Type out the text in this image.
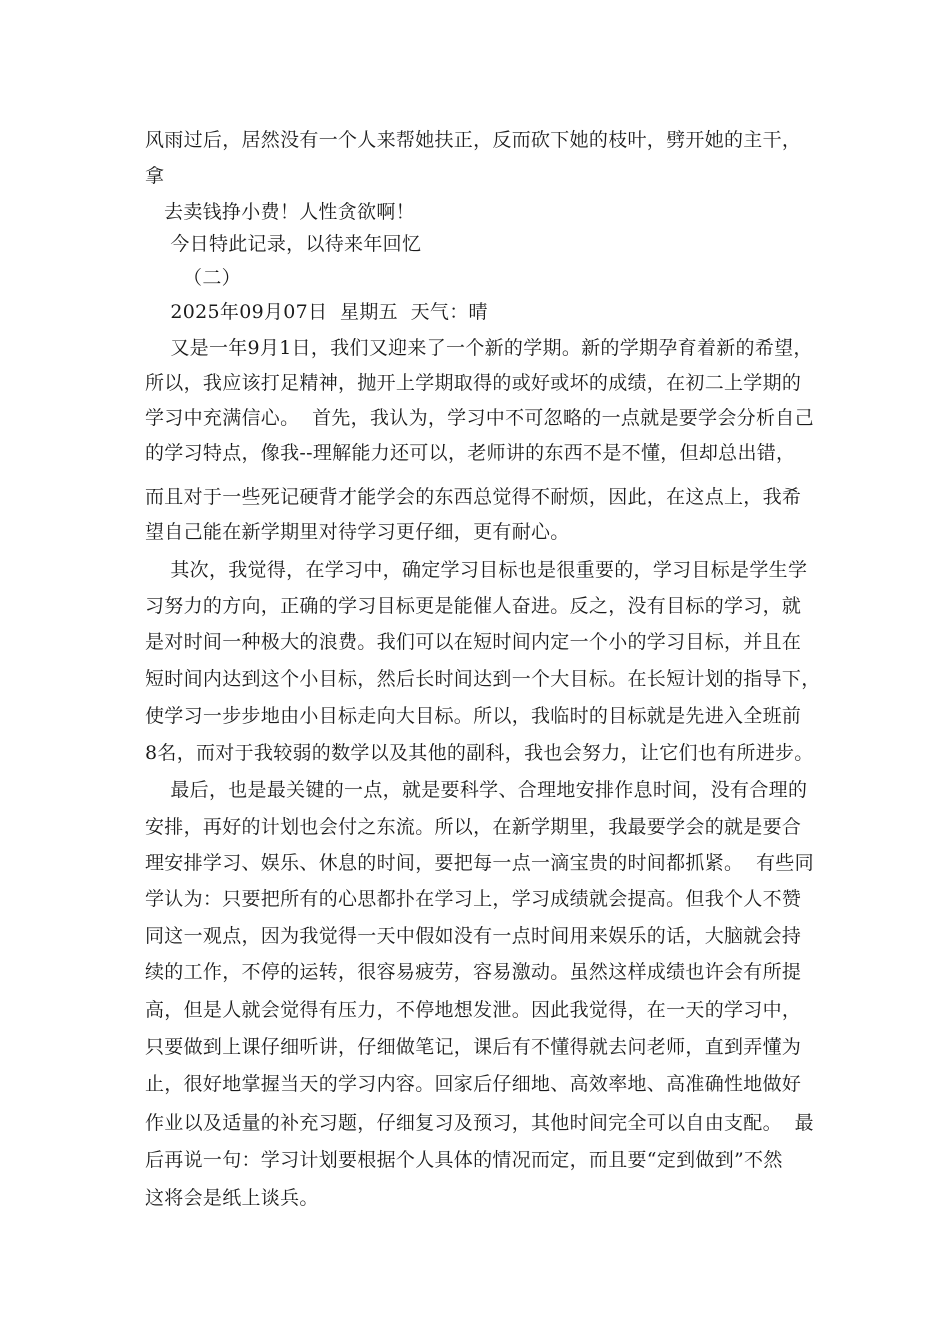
风雨过后，居然没有一个人来帮她扶正，反而砍下她的枝叶，劈开她的主干，
拿
去卖钱挣小费！人性贪欲啊！
今日特此记录，以待来年回忆
（二）
2025年09月07日  星期五  天气：晴
又是一年9月1日，我们又迎来了一个新的学期。新的学期孕育着新的希望，
所以，我应该打足精神，抛开上学期取得的或好或坏的成绩，在初二上学期的
学习中充满信心。  首先，我认为，学习中不可忽略的一点就是要学会分析自己
的学习特点，像我--理解能力还可以，老师讲的东西不是不懂，但却总出错，
而且对于一些死记硬背才能学会的东西总觉得不耐烦，因此，在这点上，我希
望自己能在新学期里对待学习更仔细，更有耐心。
其次，我觉得，在学习中，确定学习目标也是很重要的，学习目标是学生学
习努力的方向，正确的学习目标更是能催人奋进。反之，没有目标的学习，就
是对时间一种极大的浪费。我们可以在短时间内定一个小的学习目标，并且在
短时间内达到这个小目标，然后长时间达到一个大目标。在长短计划的指导下，
使学习一步步地由小目标走向大目标。所以，我临时的目标就是先进入全班前
8名，而对于我较弱的数学以及其他的副科，我也会努力，让它们也有所进步。
最后，也是最关键的一点，就是要科学、合理地安排作息时间，没有合理的
安排，再好的计划也会付之东流。所以，在新学期里，我最要学会的就是要合
理安排学习、娱乐、休息的时间，要把每一点一滴宝贵的时间都抓紧。  有些同
学认为：只要把所有的心思都扑在学习上，学习成绩就会提高。但我个人不赞
同这一观点，因为我觉得一天中假如没有一点时间用来娱乐的话，大脑就会持
续的工作，不停的运转，很容易疲劳，容易激动。虽然这样成绩也许会有所提
高，但是人就会觉得有压力，不停地想发泄。因此我觉得，在一天的学习中，
只要做到上课仔细听讲，仔细做笔记，课后有不懂得就去问老师，直到弄懂为
止，很好地掌握当天的学习内容。回家后仔细地、高效率地、高准确性地做好
作业以及适量的补充习题，仔细复习及预习，其他时间完全可以自由支配。  最
后再说一句：学习计划要根据个人具体的情况而定，而且要“定到做到”不然
这将会是纸上谈兵。
